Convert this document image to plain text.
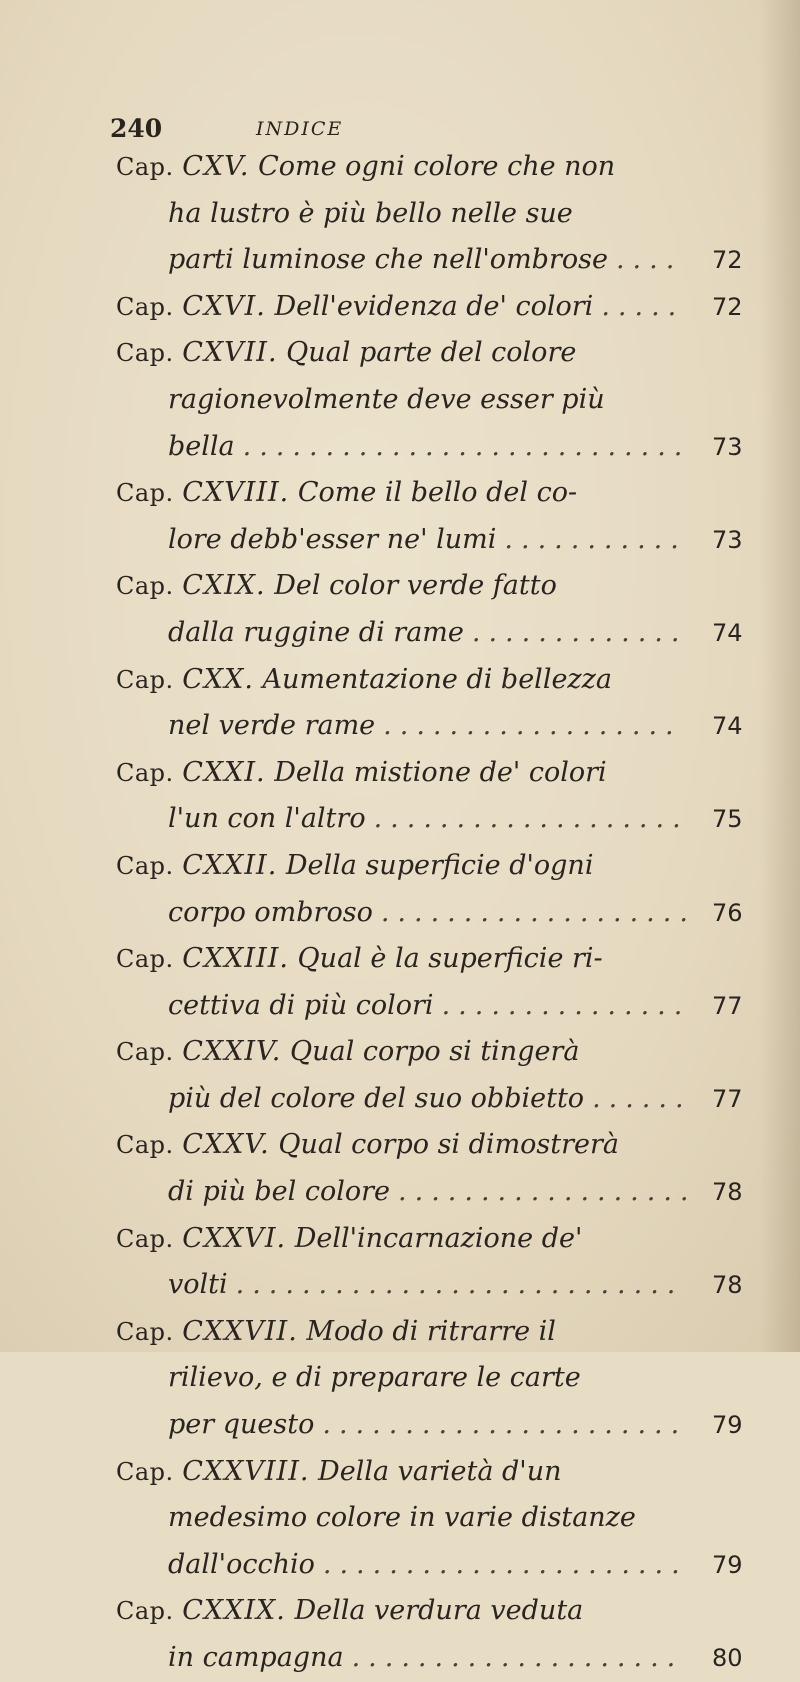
240	INDICE
Cap. CXV. Come ogni colore che non
ha lustro è più bello nelle sue
parti luminose che nell'ombrose .... 72
Cap. CXVI. Dell'evidenza de' colori ..... 72
Cap. CXVII. Qual parte del colore
ragionevolmente deve esser più
bella ........................... 73
Cap. CXVIII. Come il bello del co-
lore debb'esser ne' lumi ........... 73
Cap. CXIX. Del color verde fatto
dalla ruggine di rame ............. 74
Cap. CXX. Aumentazione di bellezza
nel verde rame .................. 74
Cap. CXXI. Della mistione de' colori
l'un con l'altro ................... 75
Cap. CXXII. Della superficie d'ogni
corpo ombroso ................... 76
Cap. CXXIII. Qual è la superficie ri-
cettiva di più colori ............... 77
Cap. CXXIV. Qual corpo si tingerà
più del colore del suo obbietto ...... 77
Cap. CXXV. Qual corpo si dimostrerà
di più bel colore .................. 78
Cap. CXXVI. Dell'incarnazione de'
volti ........................... 78
Cap. CXXVII. Modo di ritrarre il
rilievo, e di preparare le carte
per questo ...................... 79
Cap. CXXVIII. Della varietà d'un
medesimo colore in varie distanze
dall'occhio ...................... 79
Cap. CXXIX. Della verdura veduta
in campagna .................... 80
